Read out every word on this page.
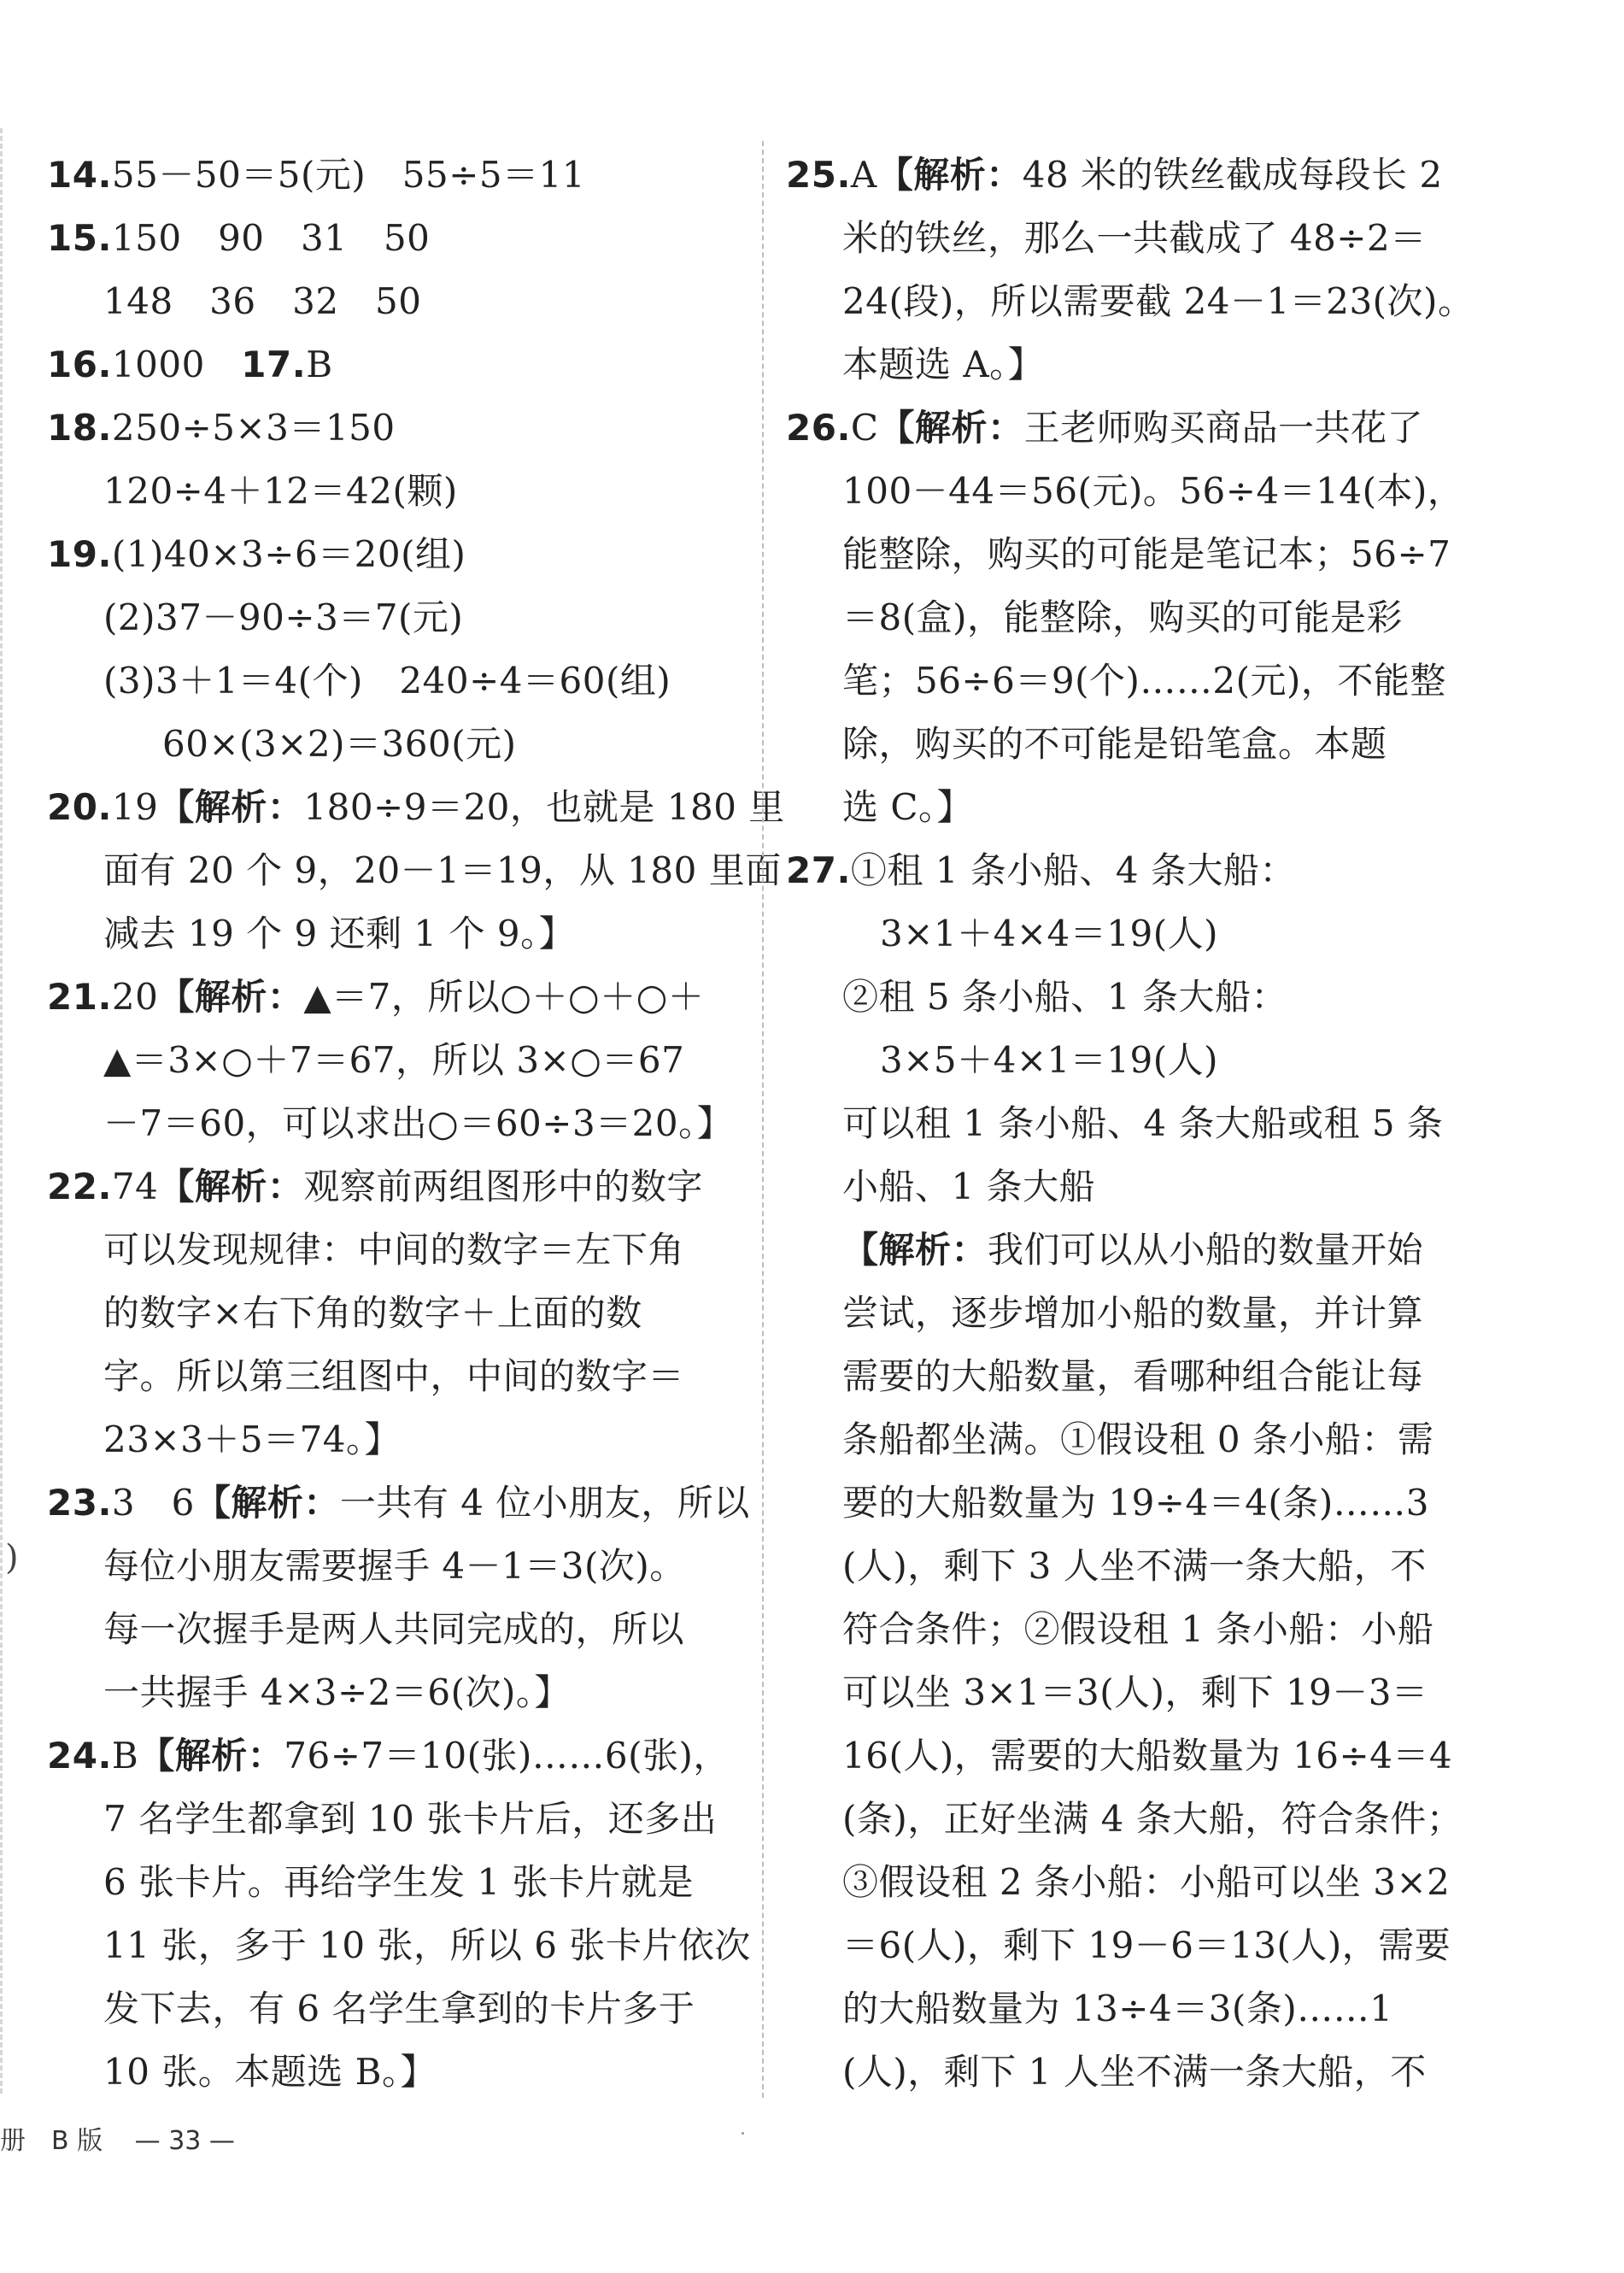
)
14.55－50＝5(元)　55÷5＝11
15.150　90　31　50
148　36　32　50
16.1000　17.B
18.250÷5×3＝150
120÷4＋12＝42(颗)
19.(1)40×3÷6＝20(组)
(2)37－90÷3＝7(元)
(3)3＋1＝4(个)　240÷4＝60(组)
60×(3×2)＝360(元)
20.19【解析：180÷9＝20，也就是 180 里
面有 20 个 9，20－1＝19，从 180 里面
减去 19 个 9 还剩 1 个 9。】
21.20【解析：▲＝7，所以○＋○＋○＋
▲＝3×○＋7＝67，所以 3×○＝67
－7＝60，可以求出○＝60÷3＝20。】
22.74【解析：观察前两组图形中的数字
可以发现规律：中间的数字＝左下角
的数字×右下角的数字＋上面的数
字。所以第三组图中，中间的数字＝
23×3＋5＝74。】
23.3　6【解析：一共有 4 位小朋友，所以
每位小朋友需要握手 4－1＝3(次)。
每一次握手是两人共同完成的，所以
一共握手 4×3÷2＝6(次)。】
24.B【解析：76÷7＝10(张)……6(张)，
7 名学生都拿到 10 张卡片后，还多出
6 张卡片。再给学生发 1 张卡片就是
11 张，多于 10 张，所以 6 张卡片依次
发下去，有 6 名学生拿到的卡片多于
10 张。本题选 B。】
25.A【解析：48 米的铁丝截成每段长 2
米的铁丝，那么一共截成了 48÷2＝
24(段)，所以需要截 24－1＝23(次)。
本题选 A。】
26.C【解析：王老师购买商品一共花了
100－44＝56(元)。56÷4＝14(本)，
能整除，购买的可能是笔记本；56÷7
＝8(盒)，能整除，购买的可能是彩
笔；56÷6＝9(个)……2(元)，不能整
除，购买的不可能是铅笔盒。本题
选 C。】
27.①租 1 条小船、4 条大船：
3×1＋4×4＝19(人)
②租 5 条小船、1 条大船：
3×5＋4×1＝19(人)
可以租 1 条小船、4 条大船或租 5 条
小船、1 条大船
【解析：我们可以从小船的数量开始
尝试，逐步增加小船的数量，并计算
需要的大船数量，看哪种组合能让每
条船都坐满。①假设租 0 条小船：需
要的大船数量为 19÷4＝4(条)……3
(人)，剩下 3 人坐不满一条大船，不
符合条件；②假设租 1 条小船：小船
可以坐 3×1＝3(人)，剩下 19－3＝
16(人)，需要的大船数量为 16÷4＝4
(条)，正好坐满 4 条大船，符合条件；
③假设租 2 条小船：小船可以坐 3×2
＝6(人)，剩下 19－6＝13(人)，需要
的大船数量为 13÷4＝3(条)……1
(人)，剩下 1 人坐不满一条大船，不
册　B 版 — 33 —
